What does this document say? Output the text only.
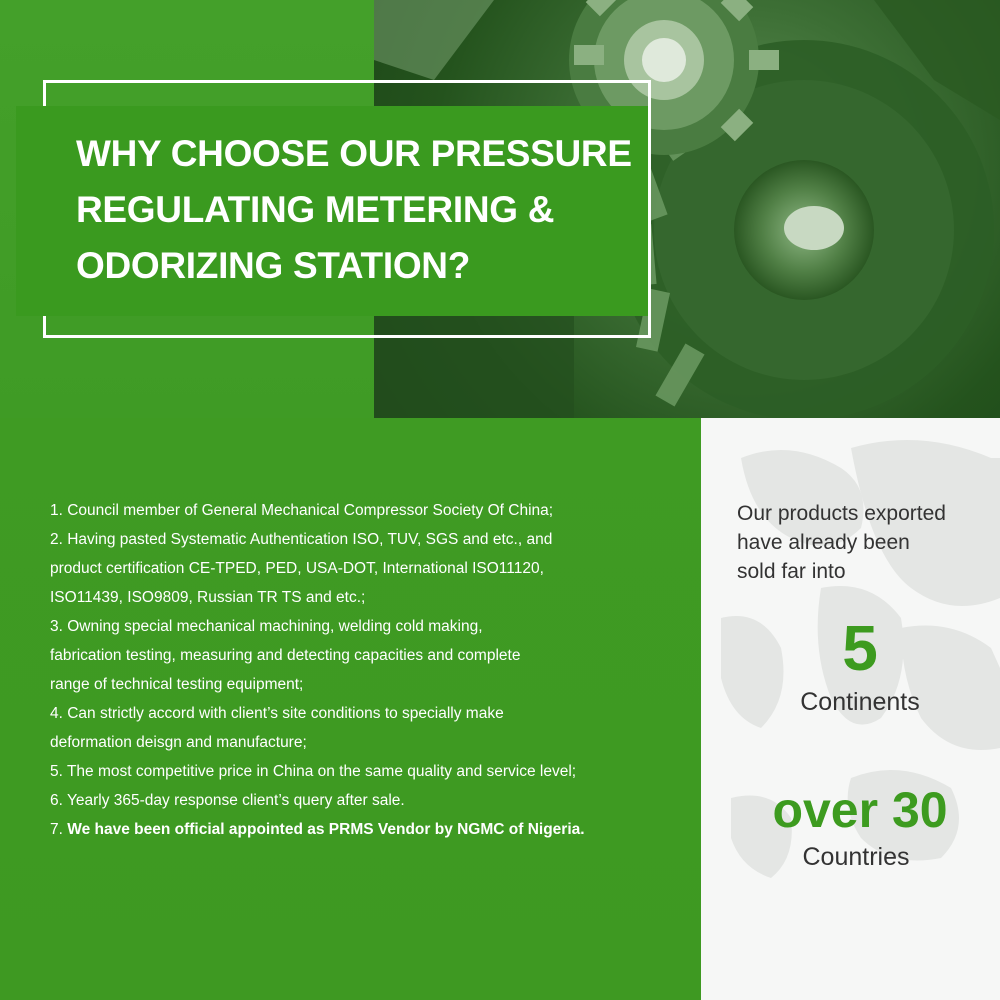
WHY CHOOSE OUR PRESSURE
REGULATING METERING &
ODORIZING STATION?
1. Council member of General Mechanical Compressor Society Of China;
2. Having pasted Systematic Authentication ISO, TUV, SGS and etc., and
product certification CE-TPED, PED, USA-DOT, International ISO11120,
ISO11439, ISO9809, Russian TR TS and etc.;
3. Owning special mechanical machining, welding cold making,
fabrication testing, measuring and detecting capacities and complete
range of technical testing equipment;
4. Can strictly accord with client’s site conditions to specially make
deformation deisgn and manufacture;
5. The most competitive price in China on the same quality and service level;
6. Yearly 365-day response client’s query after sale.
7. We have been official appointed as PRMS Vendor by NGMC of Nigeria.

Our products exported
have already been
sold far into

5
Continents
over 30
Countries
